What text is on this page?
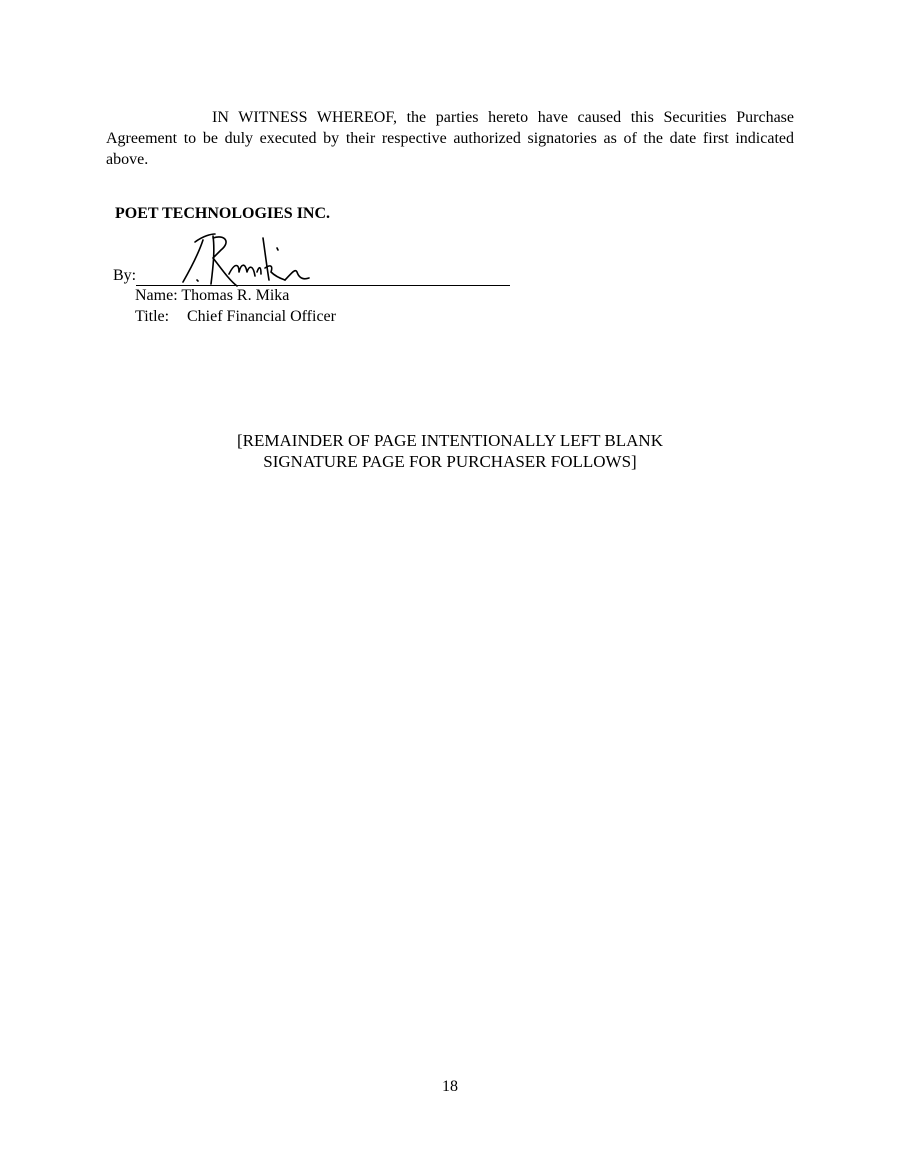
IN WITNESS WHEREOF, the parties hereto have caused this Securities Purchase Agreement to be duly executed by their respective authorized signatories as of the date first indicated above.

POET TECHNOLOGIES INC.

By:
Name: Thomas R. Mika
Title: Chief Financial Officer
[REMAINDER OF PAGE INTENTIONALLY LEFT BLANK
SIGNATURE PAGE FOR PURCHASER FOLLOWS]
18
